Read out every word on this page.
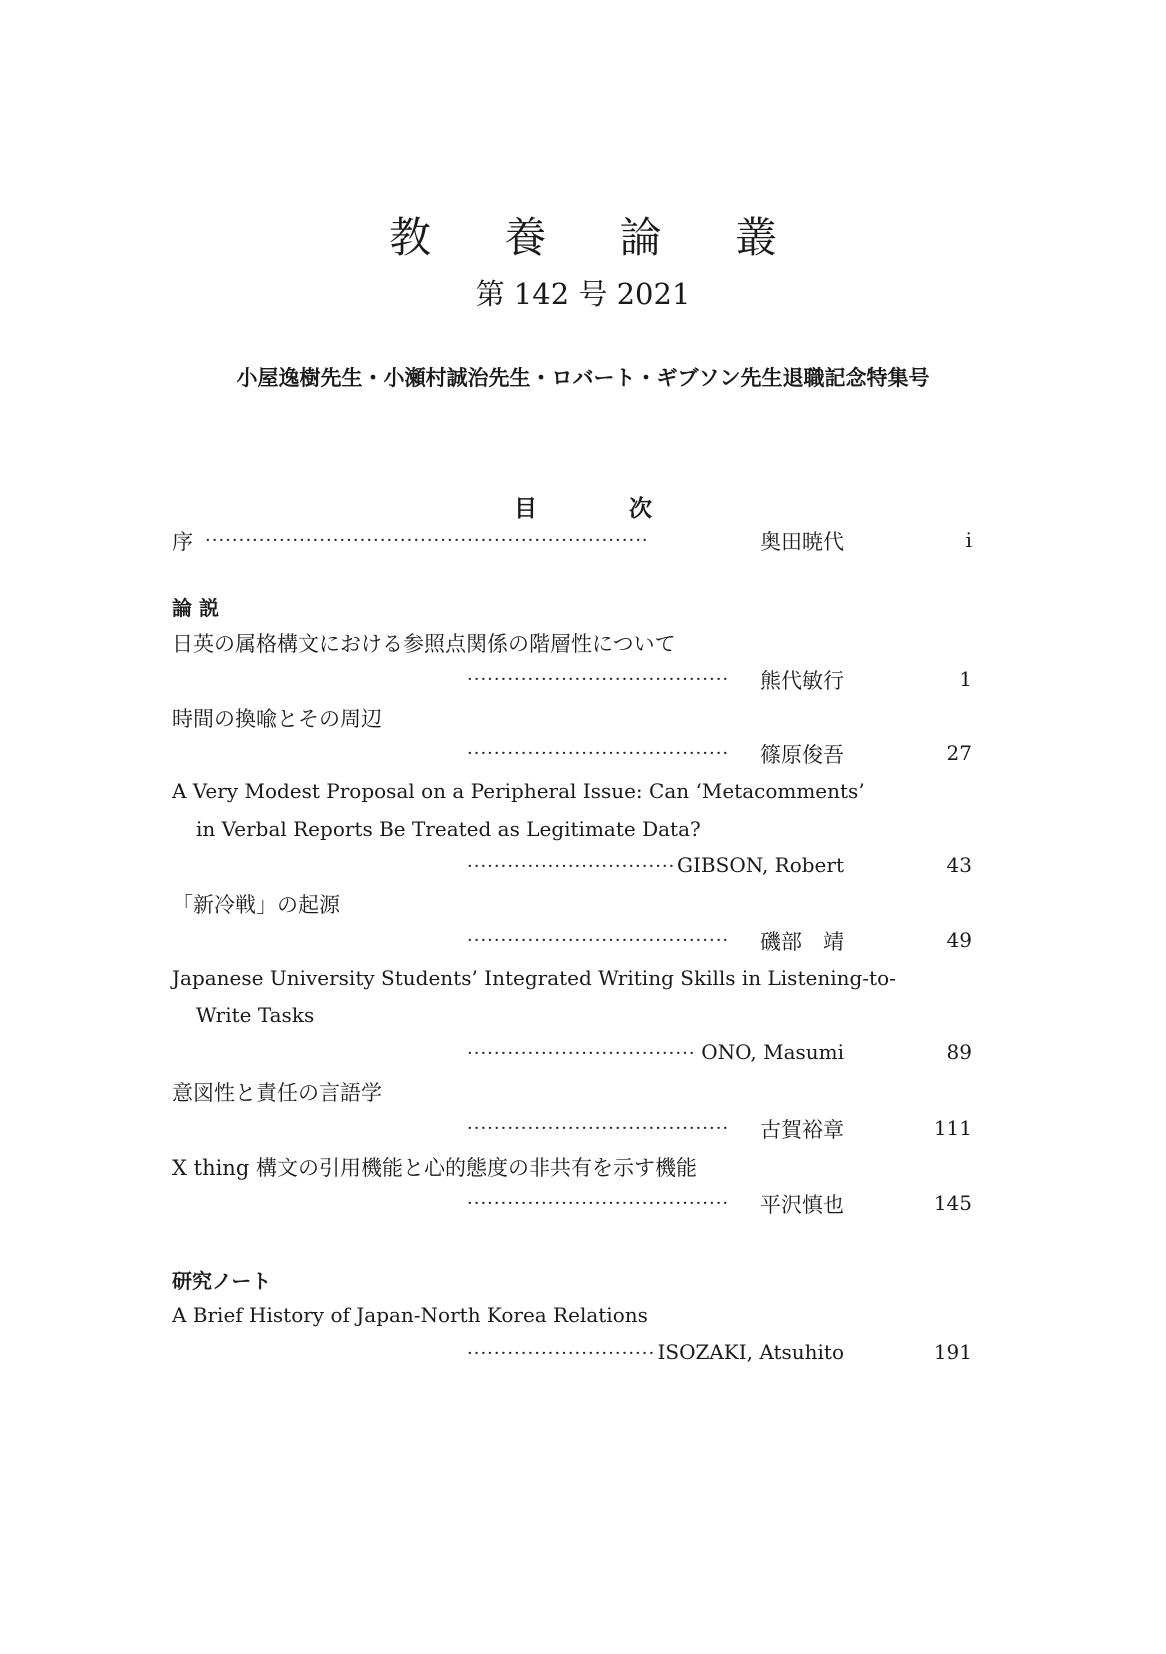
教 養 論 叢
第 142 号 2021
小屋逸樹先生・小瀬村誠治先生・ロバート・ギブソン先生退職記念特集号
目 次
序 ··································································	奥田暁代	i
論 説
日英の属格構文における参照点関係の階層性について
·······································	熊代敏行	1
時間の換喩とその周辺
·······································	篠原俊吾	27
A Very Modest Proposal on a Peripheral Issue: Can ‘Metacomments’
in Verbal Reports Be Treated as Legitimate Data?
······························· GIBSON, Robert	43
「新冷戦」の起源
·······································	磯部　靖	49
Japanese University Students’ Integrated Writing Skills in Listening-to-
Write Tasks
·································· ONO, Masumi	89
意図性と責任の言語学
·······································	古賀裕章	111
X thing 構文の引用機能と心的態度の非共有を示す機能
·······································	平沢慎也	145
研究ノート
A Brief History of Japan-North Korea Relations
···························· ISOZAKI, Atsuhito	191
